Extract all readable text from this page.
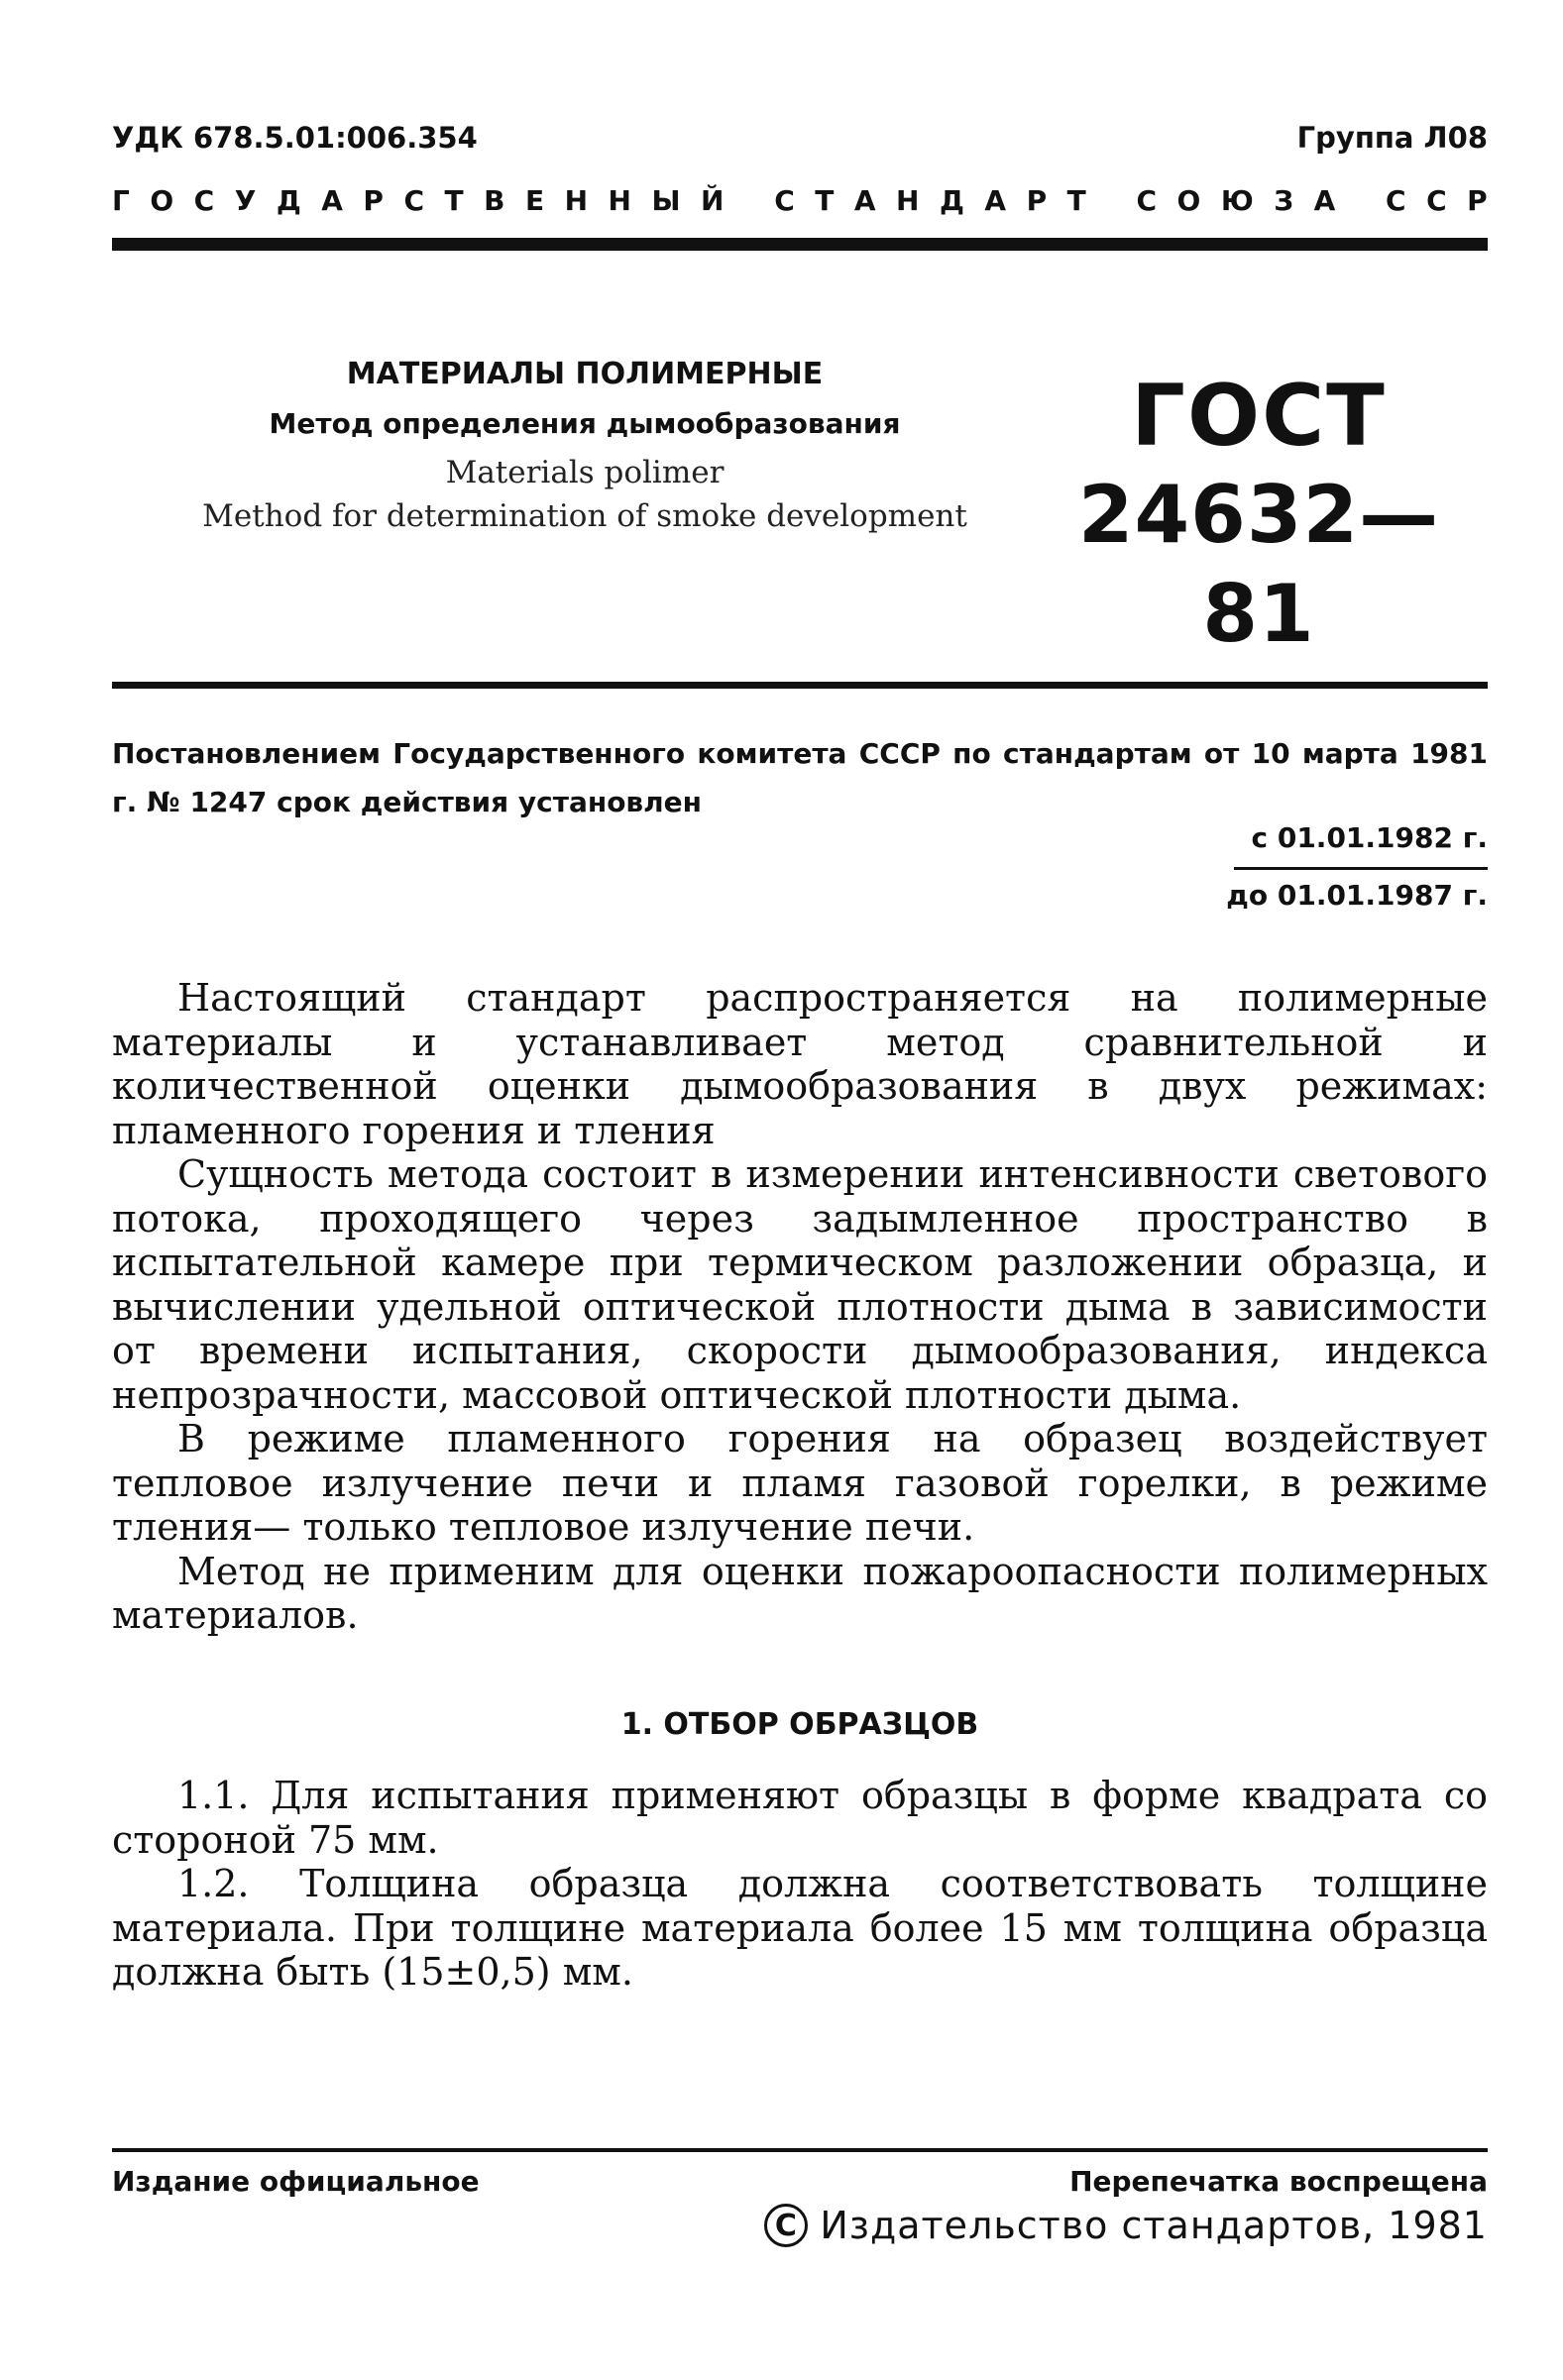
УДК 678.5.01:006.354	Группа Л08
Г О С У Д А Р С Т В Е Н Н Ы Й
С Т А Н Д А Р Т
С О Ю З А
С С Р
МАТЕРИАЛЫ ПОЛИМЕРНЫЕ
Метод определения дымообразования
Materials polimer
Method for determination of smoke development
ГОСТ
24632—81
Постановлением Государственного комитета СССР по стандартам от 10 марта 1981 г. № 1247 срок действия установлен
с 01.01.1982 г.
до 01.01.1987 г.

Настоящий стандарт распространяется на полимерные материалы и устанавливает метод сравнительной и количественной оценки дымообразования в двух режимах: пламенного горения и тления

Сущность метода состоит в измерении интенсивности светового потока, проходящего через задымленное пространство в испытательной камере при термическом разложении образца, и вычислении удельной оптической плотности дыма в зависимости от времени испытания, скорости дымообразования, индекса непрозрачности, массовой оптической плотности дыма.

В режиме пламенного горения на образец воздействует тепловое излучение печи и пламя газовой горелки, в режиме тления— только тепловое излучение печи.

Метод не применим для оценки пожароопасности полимерных материалов.

1. ОТБОР ОБРАЗЦОВ

1.1. Для испытания применяют образцы в форме квадрата со стороной 75 мм.

1.2. Толщина образца должна соответствовать толщине материала. При толщине материала более 15 мм толщина образца должна быть (15±0,5) мм.

Издание официальное	Перепечатка воспрещена
C Издательство стандартов, 1981
